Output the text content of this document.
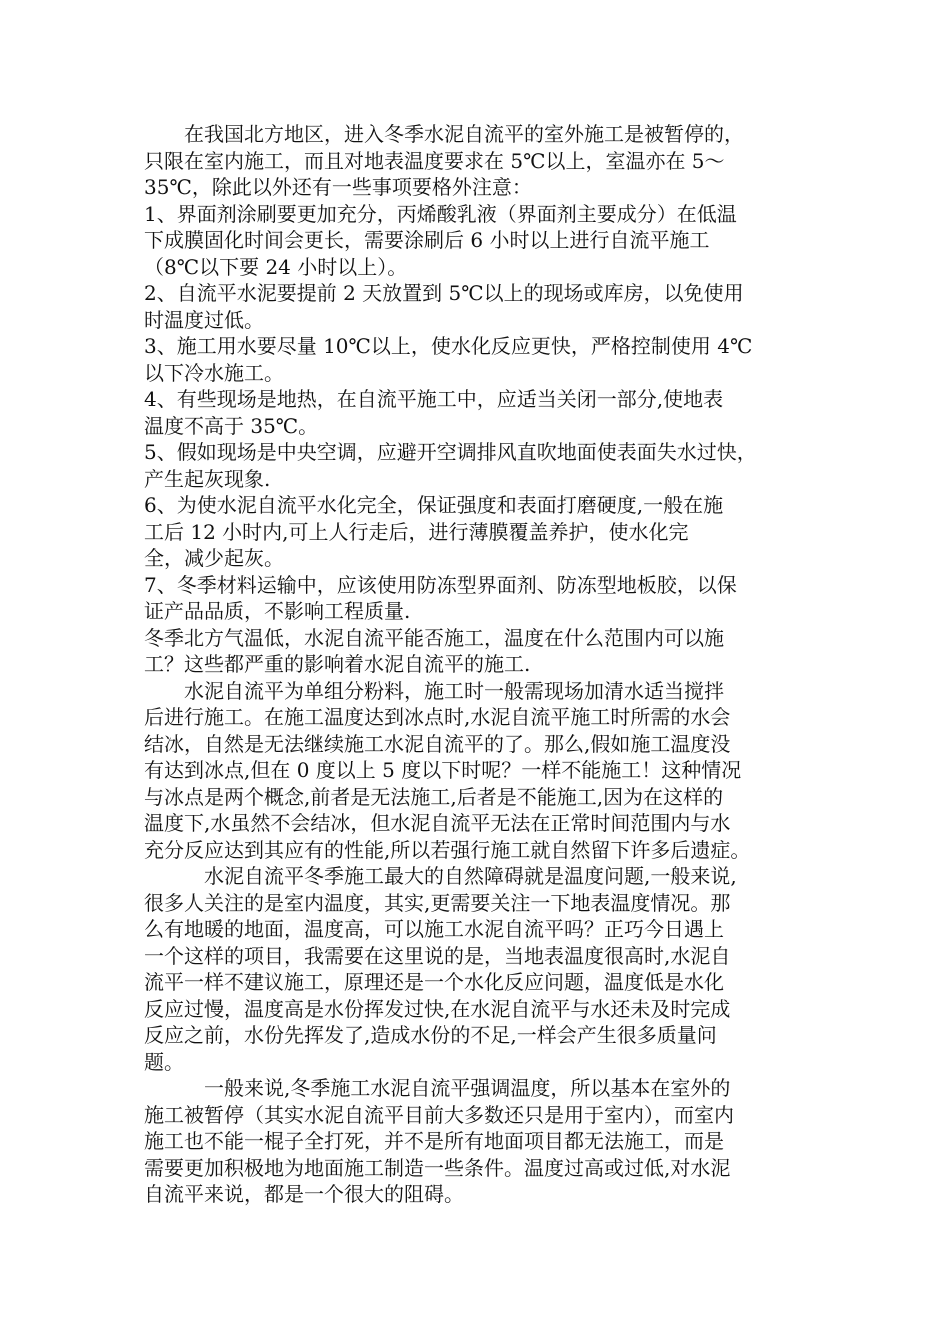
　　在我国北方地区，进入冬季水泥自流平的室外施工是被暂停的，
只限在室内施工，而且对地表温度要求在 5℃以上，室温亦在 5～
35℃，除此以外还有一些事项要格外注意：
1、界面剂涂刷要更加充分，丙烯酸乳液（界面剂主要成分）在低温
下成膜固化时间会更长，需要涂刷后 6 小时以上进行自流平施工
（8℃以下要 24 小时以上）。
2、自流平水泥要提前 2 天放置到 5℃以上的现场或库房，以免使用
时温度过低。
3、施工用水要尽量 10℃以上，使水化反应更快，严格控制使用 4℃
以下冷水施工。
4、有些现场是地热，在自流平施工中，应适当关闭一部分,使地表
温度不高于 35℃。
5、假如现场是中央空调，应避开空调排风直吹地面使表面失水过快，
产生起灰现象.
6、为使水泥自流平水化完全，保证强度和表面打磨硬度,一般在施
工后 12 小时内,可上人行走后，进行薄膜覆盖养护，使水化完
全，减少起灰。
7、冬季材料运输中，应该使用防冻型界面剂、防冻型地板胶，以保
证产品品质，不影响工程质量.
冬季北方气温低，水泥自流平能否施工，温度在什么范围内可以施
工？这些都严重的影响着水泥自流平的施工.
　　水泥自流平为单组分粉料，施工时一般需现场加清水适当搅拌
后进行施工。在施工温度达到冰点时,水泥自流平施工时所需的水会
结冰，自然是无法继续施工水泥自流平的了。那么,假如施工温度没
有达到冰点,但在 0 度以上 5 度以下时呢？一样不能施工！这种情况
与冰点是两个概念,前者是无法施工,后者是不能施工,因为在这样的
温度下,水虽然不会结冰，但水泥自流平无法在正常时间范围内与水
充分反应达到其应有的性能,所以若强行施工就自然留下许多后遗症。
　　　水泥自流平冬季施工最大的自然障碍就是温度问题,一般来说,
很多人关注的是室内温度，其实,更需要关注一下地表温度情况。那
么有地暖的地面，温度高，可以施工水泥自流平吗？正巧今日遇上
一个这样的项目，我需要在这里说的是，当地表温度很高时,水泥自
流平一样不建议施工，原理还是一个水化反应问题，温度低是水化
反应过慢，温度高是水份挥发过快,在水泥自流平与水还未及时完成
反应之前，水份先挥发了,造成水份的不足,一样会产生很多质量问
题。
　　　一般来说,冬季施工水泥自流平强调温度，所以基本在室外的
施工被暂停（其实水泥自流平目前大多数还只是用于室内），而室内
施工也不能一棍子全打死，并不是所有地面项目都无法施工，而是
需要更加积极地为地面施工制造一些条件。温度过高或过低,对水泥
自流平来说，都是一个很大的阻碍。
